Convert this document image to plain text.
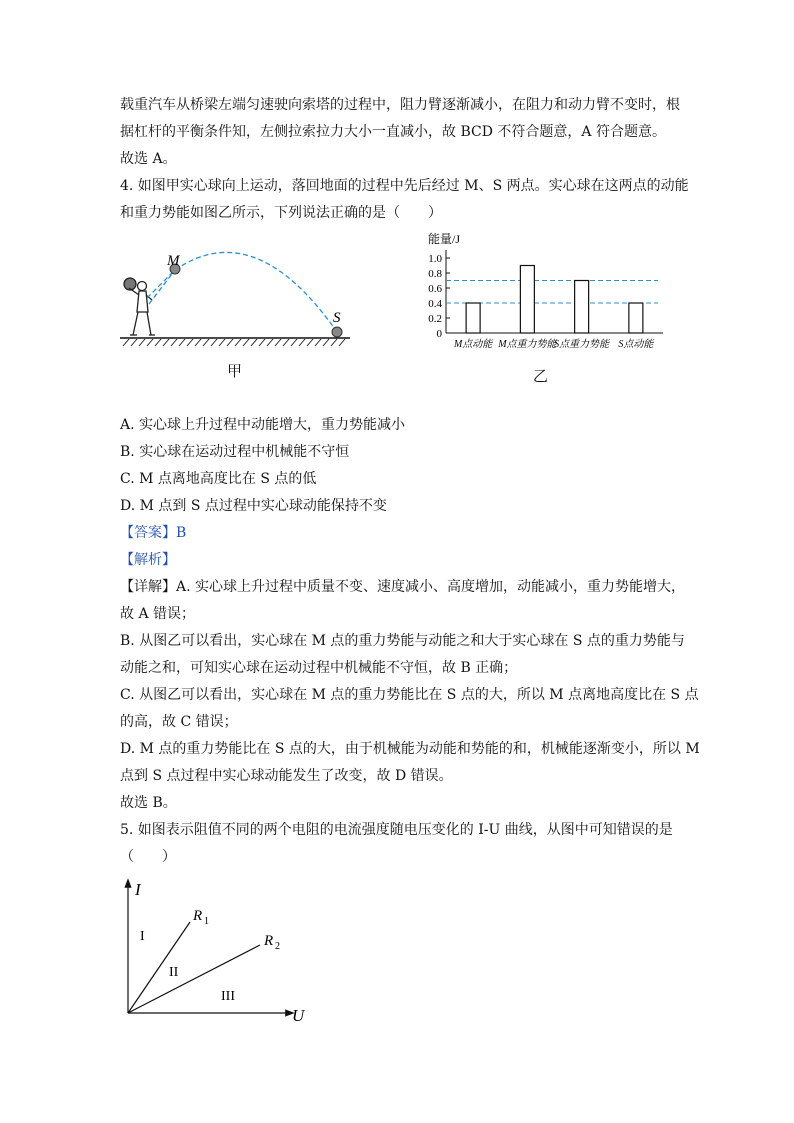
载重汽车从桥梁左端匀速驶向索塔的过程中，阻力臂逐渐减小，在阻力和动力臂不变时，根
据杠杆的平衡条件知，左侧拉索拉力大小一直减小，故 BCD 不符合题意，A 符合题意。
故选 A。
4. 如图甲实心球向上运动，落回地面的过程中先后经过 M、S 两点。实心球在这两点的动能
和重力势能如图乙所示，下列说法正确的是（　　）
M
S
甲
能量/J
1.0
0.8
0.6
0.4
0.2
0
M点动能 M点重力势能
S点重力势能 S点动能
乙
A. 实心球上升过程中动能增大，重力势能减小
B. 实心球在运动过程中机械能不守恒
C. M 点离地高度比在 S 点的低
D. M 点到 S 点过程中实心球动能保持不变
【答案】B
【解析】
【详解】A. 实心球上升过程中质量不变、速度减小、高度增加，动能减小，重力势能增大，
故 A 错误；
B. 从图乙可以看出，实心球在 M 点的重力势能与动能之和大于实心球在 S 点的重力势能与
动能之和，可知实心球在运动过程中机械能不守恒，故 B 正确；
C. 从图乙可以看出，实心球在 M 点的重力势能比在 S 点的大，所以 M 点离地高度比在 S 点
的高，故 C 错误；
D. M 点的重力势能比在 S 点的大，由于机械能为动能和势能的和，机械能逐渐变小，所以 M
点到 S 点过程中实心球动能发生了改变，故 D 错误。
故选 B。
5. 如图表示阻值不同的两个电阻的电流强度随电压变化的 I-U 曲线，从图中可知错误的是
（　　）
I
U
R 1
R 2
I
II
III
